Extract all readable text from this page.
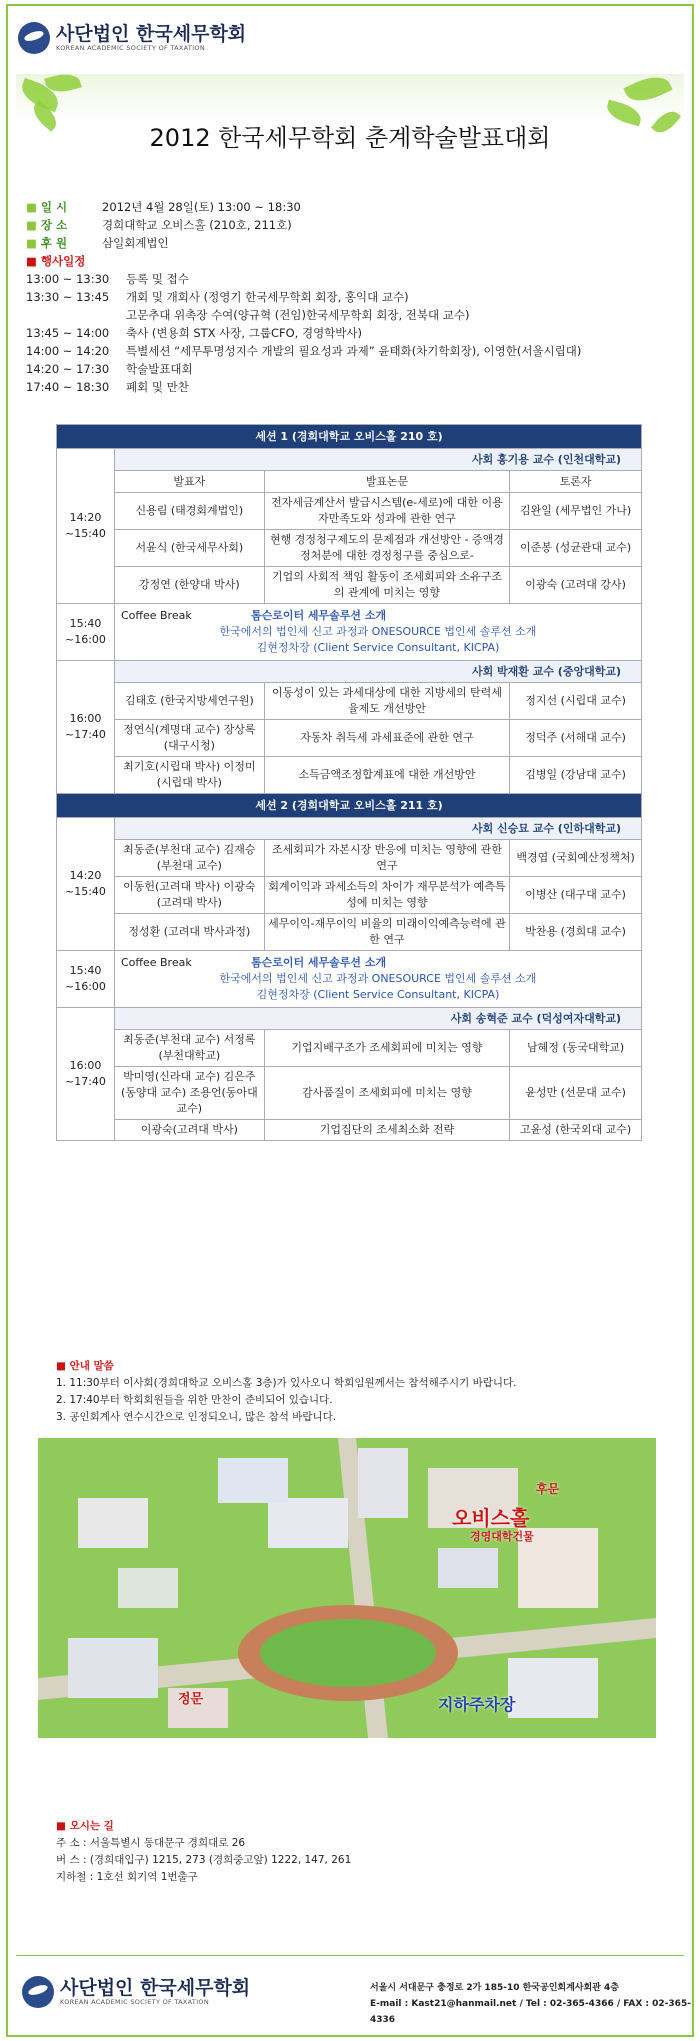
사단법인 한국세무학회
KOREAN ACADEMIC SOCIETY OF TAXATION
2012 한국세무학회 춘계학술발표대회
■ 일 시	2012년 4월 28일(토) 13:00 ~ 18:30
■ 장 소	경희대학교 오비스홀 (210호, 211호)
■ 후 원	삼일회계법인
■ 행사일정
13:00 ~ 13:30 등록 및 접수
13:30 ~ 13:45 개회 및 개회사 (정영기 한국세무학회 회장, 홍익대 교수)
고문추대 위촉장 수여(양규혁 (전임)한국세무학회 회장, 전북대 교수)
13:45 ~ 14:00 축사 (변용희 STX 사장, 그룹CFO, 경영학박사)
14:00 ~ 14:20 특별세션 “세무투명성지수 개발의 필요성과 과제” 윤태화(차기학회장), 이영한(서울시립대)
14:20 ~ 17:30 학술발표대회
17:40 ~ 18:30 폐회 및 만찬
세션 1 (경희대학교 오비스홀 210 호)			
14:20 ~15:40	사회 홍기용 교수 (인천대학교)		
	발표자	발표논문	토론자
	신용림 (태경회계법인)	전자세금계산서 발급시스템(e-세로)에 대한 이용자만족도와 성과에 관한 연구	김완일 (세무법인 가나)
	서윤식 (한국세무사회)	현행 경정청구제도의 문제점과 개선방안 - 증액경정처분에 대한 경정청구를 중심으로-	이준봉 (성균관대 교수)
	강정연 (한양대 박사)	기업의 사회적 책임 활동이 조세회피와 소유구조의 관계에 미치는 영향	이광숙 (고려대 강사)
15:40 ~16:00	Coffee Break 톰슨로이터 세무솔루션 소개
한국에서의 법인세 신고 과정과 ONESOURCE 법인세 솔루션 소개
김현정차장 (Client Service Consultant, KICPA)		

16:00 ~17:40	사회 박재환 교수 (중앙대학교)		
	김태호 (한국지방세연구원)	이동성이 있는 과세대상에 대한 지방세의 탄력세율제도 개선방안	정지선 (시립대 교수)
	정연식(계명대 교수) 장상록(대구시청)	자동차 취득세 과세표준에 관한 연구	정덕주 (서해대 교수)
	최기호(시립대 박사) 이정미(시립대 박사)	소득금액조정합계표에 대한 개선방안	김병일 (강남대 교수)
세션 2 (경희대학교 오비스홀 211 호)			
14:20 ~15:40	사회 신승묘 교수 (인하대학교)		
	최동준(부천대 교수) 김재승(부천대 교수)	조세회피가 자본시장 반응에 미치는 영향에 관한 연구	백경엽 (국회예산정책처)
	이동헌(고려대 박사) 이광숙(고려대 박사)	회계이익과 과세소득의 차이가 재무분석가 예측특성에 미치는 영향	이병산 (대구대 교수)
	정성환 (고려대 박사과정)	세무이익-재무이익 비율의 미래이익예측능력에 관한 연구	박찬용 (경희대 교수)
15:40 ~16:00	Coffee Break 톰슨로이터 세무솔루션 소개
한국에서의 법인세 신고 과정과 ONESOURCE 법인세 솔루션 소개
김현정차장 (Client Service Consultant, KICPA)		

16:00 ~17:40	사회 송혁준 교수 (덕성여자대학교)		
	최동준(부천대 교수) 서정록(부천대학교)	기업지배구조가 조세회피에 미치는 영향	남혜정 (동국대학교)
	박미영(신라대 교수) 김은주(동양대 교수) 조용언(동아대 교수)	감사품질이 조세회피에 미치는 영향	윤성만 (선문대 교수)
	이광숙(고려대 박사)	기업집단의 조세최소화 전략	고윤성 (한국외대 교수)
■ 안내 말씀
1. 11:30부터 이사회(경희대학교 오비스홀 3층)가 있사오니 학회임원께서는 참석해주시기 바랍니다.
2. 17:40부터 학회회원들을 위한 만찬이 준비되어 있습니다.
3. 공인회계사 연수시간으로 인정되오니, 많은 참석 바랍니다.
오비스홀
경영대학건물
후문
정문	지하주차장
■ 오시는 길
주 소 : 서울특별시 동대문구 경희대로 26
버 스 : (경희대입구) 1215, 273 (경희중고앞) 1222, 147, 261
지하철 : 1호선 회기역 1번출구
사단법인 한국세무학회
KOREAN ACADEMIC SOCIETY OF TAXATION
서울시 서대문구 충정로 2가 185-10 한국공인회계사회관 4층
E-mail : Kast21@hanmail.net / Tel : 02-365-4366 / FAX : 02-365-4336
